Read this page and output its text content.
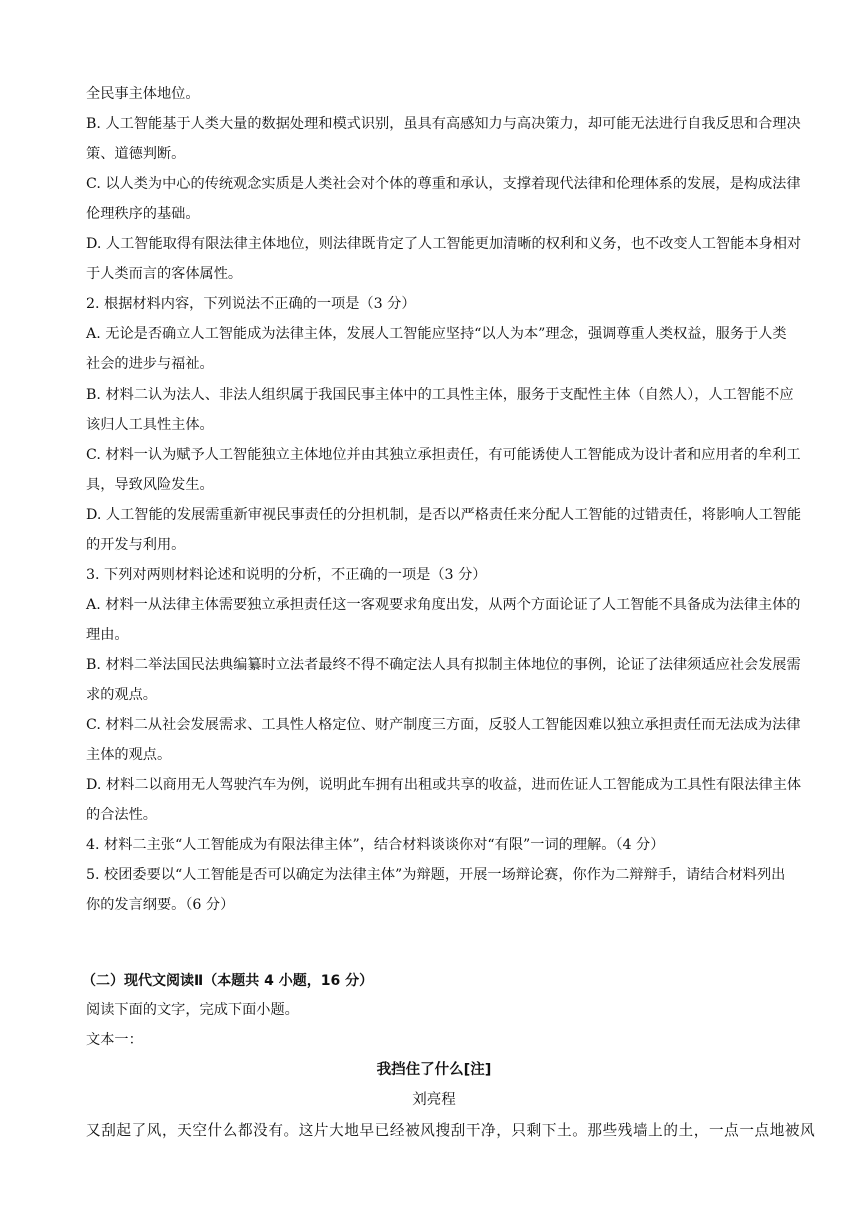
全民事主体地位。
B. 人工智能基于人类大量的数据处理和模式识别，虽具有高感知力与高决策力，却可能无法进行自我反思和合理决
策、道德判断。
C. 以人类为中心的传统观念实质是人类社会对个体的尊重和承认，支撑着现代法律和伦理体系的发展，是构成法律
伦理秩序的基础。
D. 人工智能取得有限法律主体地位，则法律既肯定了人工智能更加清晰的权利和义务，也不改变人工智能本身相对
于人类而言的客体属性。
2. 根据材料内容，下列说法不正确的一项是（3 分）
A. 无论是否确立人工智能成为法律主体，发展人工智能应坚持“以人为本”理念，强调尊重人类权益，服务于人类
社会的进步与福祉。
B. 材料二认为法人、非法人组织属于我国民事主体中的工具性主体，服务于支配性主体（自然人），人工智能不应
该归人工具性主体。
C. 材料一认为赋予人工智能独立主体地位并由其独立承担责任，有可能诱使人工智能成为设计者和应用者的牟利工
具，导致风险发生。
D. 人工智能的发展需重新审视民事责任的分担机制，是否以严格责任来分配人工智能的过错责任，将影响人工智能
的开发与利用。
3. 下列对两则材料论述和说明的分析，不正确的一项是（3 分）
A. 材料一从法律主体需要独立承担责任这一客观要求角度出发，从两个方面论证了人工智能不具备成为法律主体的
理由。
B. 材料二举法国民法典编纂时立法者最终不得不确定法人具有拟制主体地位的事例，论证了法律须适应社会发展需
求的观点。
C. 材料二从社会发展需求、工具性人格定位、财产制度三方面，反驳人工智能因难以独立承担责任而无法成为法律
主体的观点。
D. 材料二以商用无人驾驶汽车为例，说明此车拥有出租或共享的收益，进而佐证人工智能成为工具性有限法律主体
的合法性。
4. 材料二主张“人工智能成为有限法律主体”，结合材料谈谈你对“有限”一词的理解。（4 分）
5. 校团委要以“人工智能是否可以确定为法律主体”为辩题，开展一场辩论赛，你作为二辩辩手，请结合材料列出
你的发言纲要。（6 分）
（二）现代文阅读Ⅱ（本题共 4 小题，16 分）
阅读下面的文字，完成下面小题。
文本一：
我挡住了什么[注]
刘亮程
又刮起了风，天空什么都没有。这片大地早已经被风搜刮干净，只剩下土。那些残墙上的土，一点一点地被风
